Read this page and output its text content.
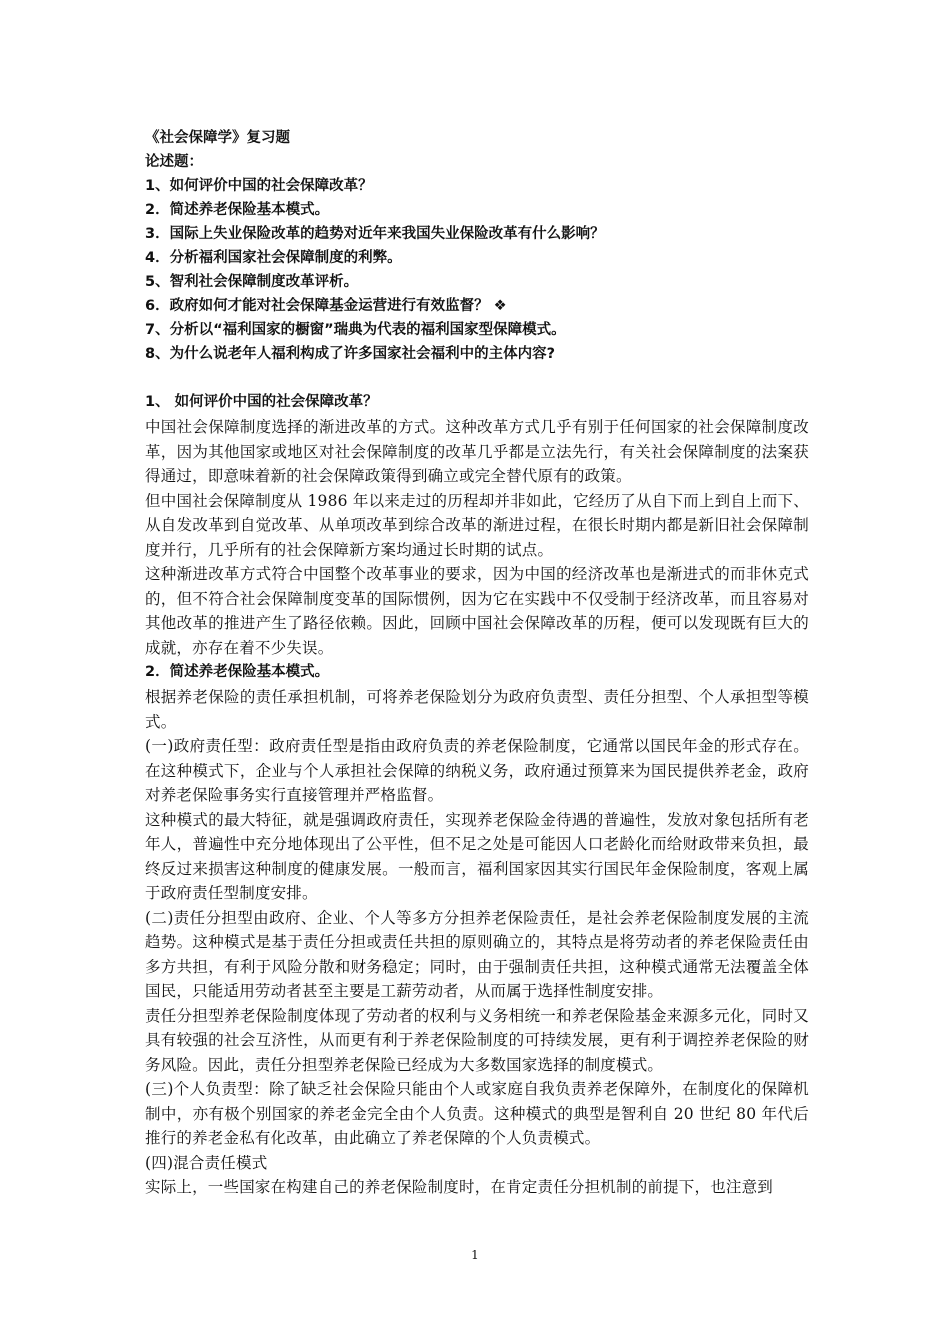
《社会保障学》复习题
论述题：
1、如何评价中国的社会保障改革？
2．简述养老保险基本模式。
3．国际上失业保险改革的趋势对近年来我国失业保险改革有什么影响？
4．分析福利国家社会保障制度的利弊。
5、智利社会保障制度改革评析。
6．政府如何才能对社会保障基金运营进行有效监督？ ❖
7、分析以“福利国家的橱窗”瑞典为代表的福利国家型保障模式。
8、为什么说老年人福利构成了许多国家社会福利中的主体内容?
1、 如何评价中国的社会保障改革？

中国社会保障制度选择的渐进改革的方式。这种改革方式几乎有别于任何国家的社会保障制度改革，因为其他国家或地区对社会保障制度的改革几乎都是立法先行，有关社会保障制度的法案获得通过，即意味着新的社会保障政策得到确立或完全替代原有的政策。

但中国社会保障制度从 1986 年以来走过的历程却并非如此，它经历了从自下而上到自上而下、从自发改革到自觉改革、从单项改革到综合改革的渐进过程，在很长时期内都是新旧社会保障制度并行，几乎所有的社会保障新方案均通过长时期的试点。

这种渐进改革方式符合中国整个改革事业的要求，因为中国的经济改革也是渐进式的而非休克式的，但不符合社会保障制度变革的国际惯例，因为它在实践中不仅受制于经济改革，而且容易对其他改革的推进产生了路径依赖。因此，回顾中国社会保障改革的历程，便可以发现既有巨大的成就，亦存在着不少失误。

2．简述养老保险基本模式。

根据养老保险的责任承担机制，可将养老保险划分为政府负责型、责任分担型、个人承担型等模式。

(一)政府责任型：政府责任型是指由政府负责的养老保险制度，它通常以国民年金的形式存在。在这种模式下，企业与个人承担社会保障的纳税义务，政府通过预算来为国民提供养老金，政府对养老保险事务实行直接管理并严格监督。

这种模式的最大特征，就是强调政府责任，实现养老保险金待遇的普遍性，发放对象包括所有老年人，普遍性中充分地体现出了公平性，但不足之处是可能因人口老龄化而给财政带来负担，最终反过来损害这种制度的健康发展。一般而言，福利国家因其实行国民年金保险制度，客观上属于政府责任型制度安排。

(二)责任分担型由政府、企业、个人等多方分担养老保险责任，是社会养老保险制度发展的主流趋势。这种模式是基于责任分担或责任共担的原则确立的，其特点是将劳动者的养老保险责任由多方共担，有利于风险分散和财务稳定；同时，由于强制责任共担，这种模式通常无法覆盖全体国民，只能适用劳动者甚至主要是工薪劳动者，从而属于选择性制度安排。

责任分担型养老保险制度体现了劳动者的权利与义务相统一和养老保险基金来源多元化，同时又具有较强的社会互济性，从而更有利于养老保险制度的可持续发展，更有利于调控养老保险的财务风险。因此，责任分担型养老保险已经成为大多数国家选择的制度模式。

(三)个人负责型：除了缺乏社会保险只能由个人或家庭自我负责养老保障外，在制度化的保障机制中，亦有极个别国家的养老金完全由个人负责。这种模式的典型是智利自 20 世纪 80 年代后推行的养老金私有化改革，由此确立了养老保障的个人负责模式。

(四)混合责任模式

实际上，一些国家在构建自己的养老保险制度时，在肯定责任分担机制的前提下，也注意到

1
